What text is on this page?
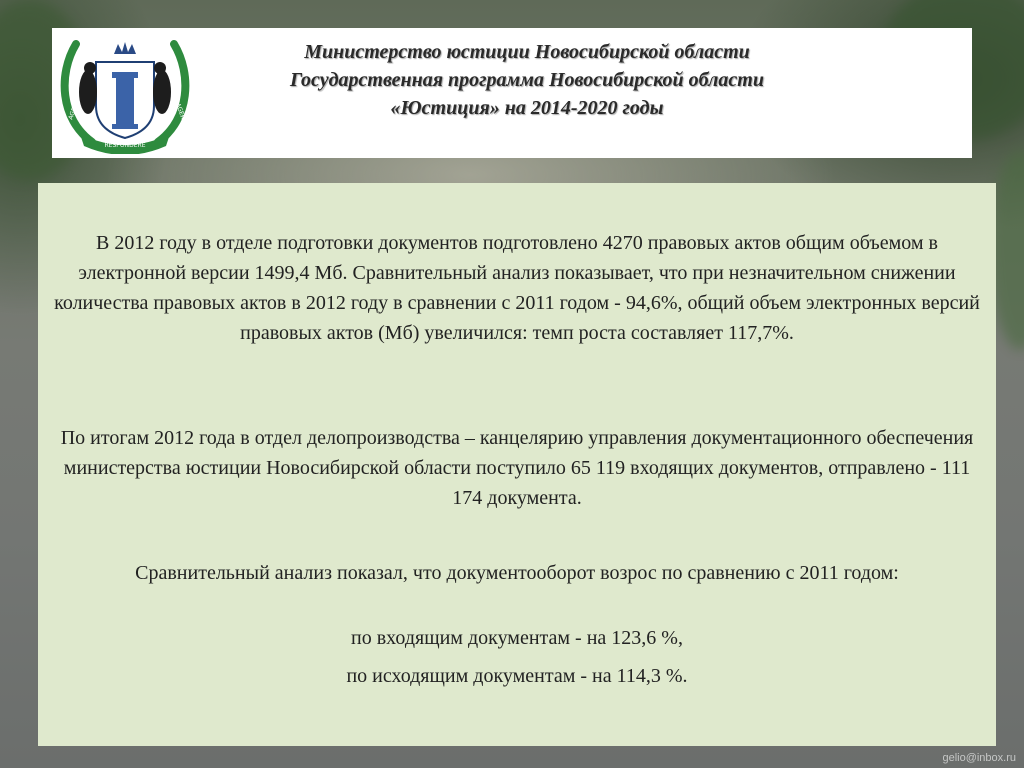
RESPONDERE
AGERE	AGERE
Министерство юстиции Новосибирской области
Государственная программа Новосибирской области
«Юстиция» на 2014-2020 годы

В 2012 году в отделе подготовки документов подготовлено 4270 правовых актов общим объемом в электронной версии 1499,4 Мб. Сравнительный анализ показывает, что при незначительном снижении количества правовых актов в 2012 году в сравнении с 2011 годом - 94,6%, общий объем электронных версий правовых актов (Мб) увеличился: темп роста составляет 117,7%.

По итогам 2012 года в отдел делопроизводства – канцелярию управления документационного обеспечения министерства юстиции Новосибирской области поступило 65 119 входящих документов, отправлено - 111 174 документа.

Сравнительный анализ показал, что документооборот возрос по сравнению с 2011 годом:

по входящим документам - на 123,6 %,

по исходящим документам - на 114,3 %.

gelio@inbox.ru
